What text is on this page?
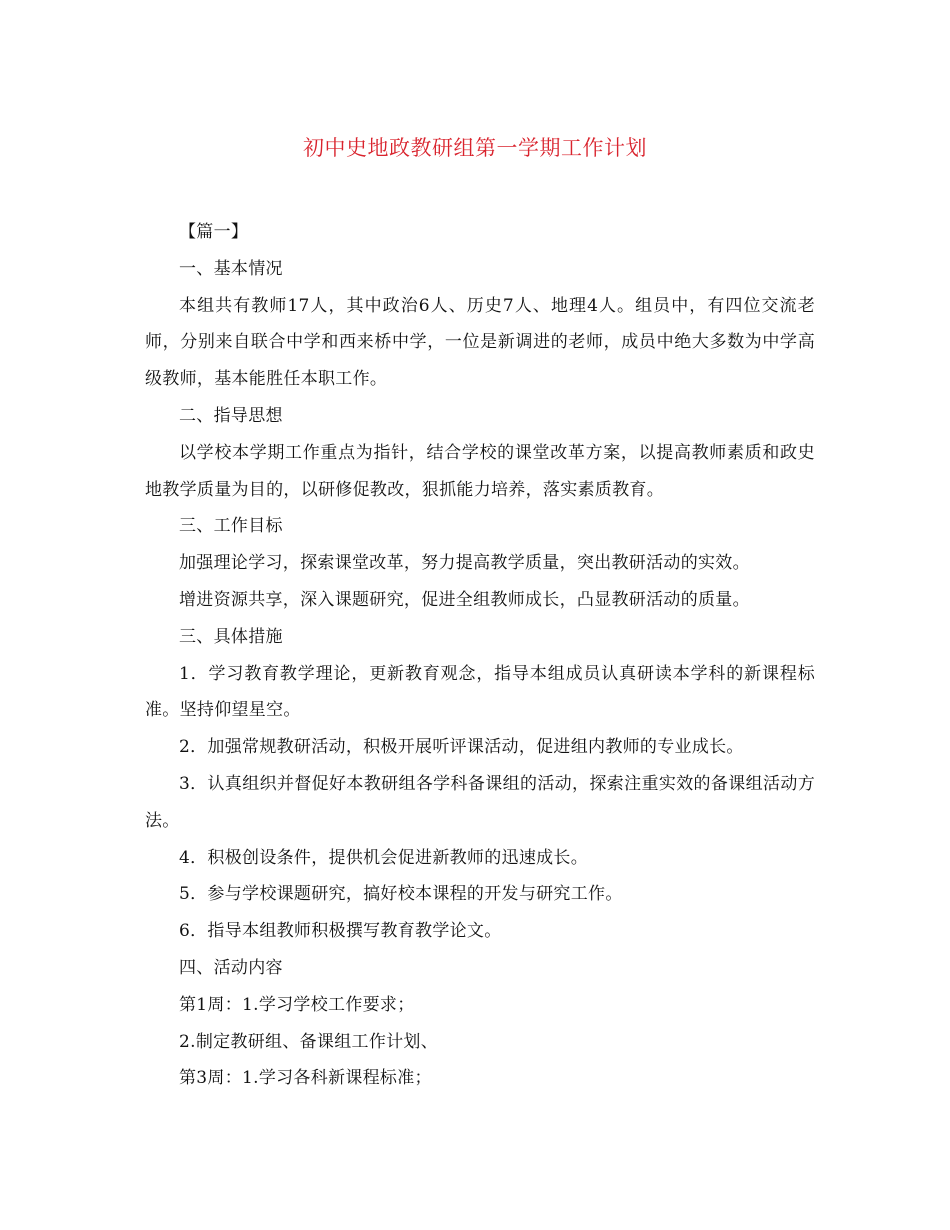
初中史地政教研组第一学期工作计划

【篇一】

一、基本情况

本组共有教师17人，其中政治6人、历史7人、地理4人。组员中，有四位交流老师，分别来自联合中学和西来桥中学，一位是新调进的老师，成员中绝大多数为中学高级教师，基本能胜任本职工作。

二、指导思想

以学校本学期工作重点为指针，结合学校的课堂改革方案，以提高教师素质和政史地教学质量为目的，以研修促教改，狠抓能力培养，落实素质教育。

三、工作目标

加强理论学习，探索课堂改革，努力提高教学质量，突出教研活动的实效。

增进资源共享，深入课题研究，促进全组教师成长，凸显教研活动的质量。

三、具体措施

1．学习教育教学理论，更新教育观念，指导本组成员认真研读本学科的新课程标准。坚持仰望星空。

2．加强常规教研活动，积极开展听评课活动，促进组内教师的专业成长。

3．认真组织并督促好本教研组各学科备课组的活动，探索注重实效的备课组活动方法。

4．积极创设条件，提供机会促进新教师的迅速成长。

5．参与学校课题研究，搞好校本课程的开发与研究工作。

6．指导本组教师积极撰写教育教学论文。

四、活动内容

第1周：1.学习学校工作要求；

2.制定教研组、备课组工作计划、

第3周：1.学习各科新课程标准；
